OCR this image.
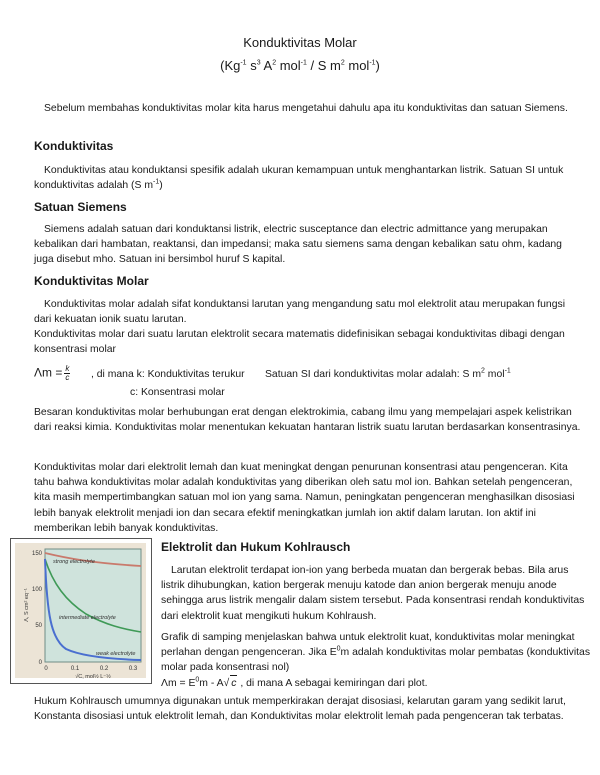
Konduktivitas Molar
($Kg^{-1}$ $s^3$ $A^2$ mol$^{-1}$ / S $m^2$ mol$^{-1}$)
Sebelum membahas konduktivitas molar kita harus mengetahui dahulu apa itu konduktivitas dan satuan Siemens.
Konduktivitas
Konduktivitas atau konduktansi spesifik adalah ukuran kemampuan untuk menghantarkan listrik. Satuan SI untuk konduktivitas adalah (S $m^{-1}$)
Satuan Siemens
Siemens adalah satuan dari konduktansi listrik, electric susceptance dan electric admittance yang merupakan kebalikan dari hambatan, reaktansi, dan impedansi; maka satu siemens sama dengan kebalikan satu ohm, kadang juga disebut mho. Satuan ini bersimbol huruf S kapital.
Konduktivitas Molar
Konduktivitas molar adalah sifat konduktansi larutan yang mengandung satu mol elektrolit atau merupakan fungsi dari kekuatan ionik suatu larutan.
Konduktivitas molar dari suatu larutan elektrolit secara matematis didefinisikan sebagai konduktivitas dibagi dengan konsentrasi molar
$\Lambda m = \frac{k}{c}$ , di mana k: Konduktivitas terukur
c: Konsentrasi molar
Satuan SI dari konduktivitas molar adalah: S $m^2$ mol$^{-1}$
Besaran konduktivitas molar berhubungan erat dengan elektrokimia, cabang ilmu yang mempelajari aspek kelistrikan dari reaksi kimia. Konduktivitas molar menentukan kekuatan hantaran listrik suatu larutan berdasarkan konsentrasinya.
Konduktivitas molar dari elektrolit lemah dan kuat meningkat dengan penurunan konsentrasi atau pengenceran. Kita tahu bahwa konduktivitas molar adalah konduktivitas yang diberikan oleh satu mol ion. Bahkan setelah pengenceran, kita masih mempertimbangkan satuan mol ion yang sama. Namun, peningkatan pengenceran menghasilkan disosiasi lebih banyak elektrolit menjadi ion dan secara efektif meningkatkan jumlah ion aktif dalam larutan. Ion aktif ini memberikan lebih banyak konduktivitas.
strong electrolyte
intermediate electrolyte
weak electrolyte
150
100
50
0
0	0.1	0.2	0.3
√C, mol½ L⁻½
Λ, S cm² eq⁻¹
Elektrolit dan Hukum Kohlrausch
Larutan elektrolit terdapat ion-ion yang berbeda muatan dan bergerak bebas. Bila arus listrik dihubungkan, kation bergerak menuju katode dan anion bergerak menuju anode sehingga arus listrik mengalir dalam sistem tersebut. Pada konsentrasi rendah konduktivitas dari elektrolit kuat mengikuti hukum Kohlraush.
Grafik di samping menjelaskan bahwa untuk elektrolit kuat, konduktivitas molar meningkat perlahan dengan pengenceran. Jika $E^0m$ adalah konduktivitas molar pembatas (konduktivitas molar pada konsentrasi nol)
$\Lambda m = E^0m - A√$ c , di mana A sebagai kemiringan dari plot.
Hukum Kohlrausch umumnya digunakan untuk memperkirakan derajat disosiasi, kelarutan garam yang sedikit larut, Konstanta disosiasi untuk elektrolit lemah, dan Konduktivitas molar elektrolit lemah pada pengenceran tak terbatas.
